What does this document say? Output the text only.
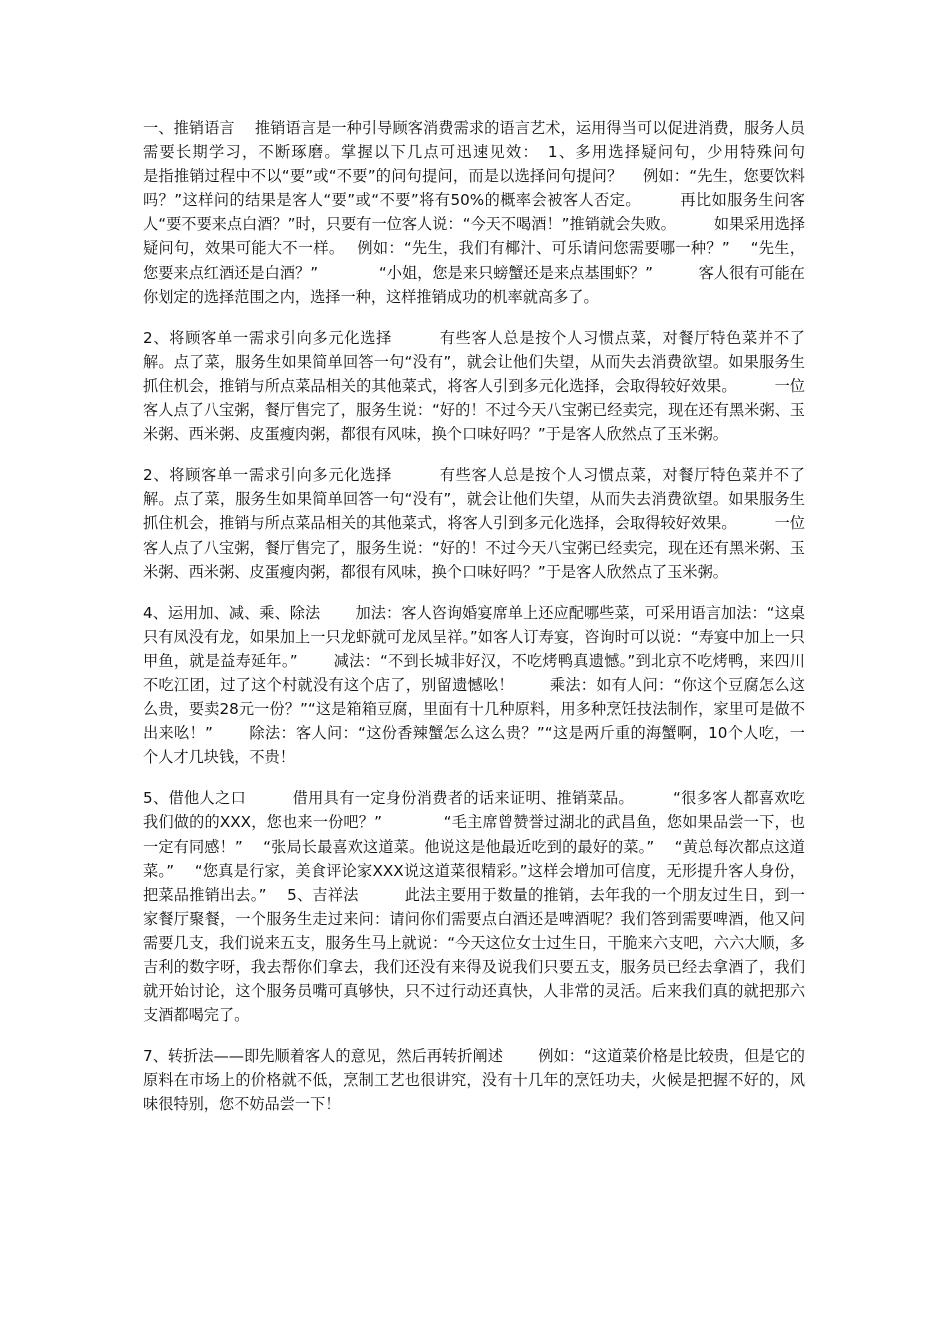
一、推销语言　 推销语言是一种引导顾客消费需求的语言艺术，运用得当可以促进消费，服务人员需要长期学习，不断琢磨。掌握以下几点可迅速见效：　1、多用选择疑问句，少用特殊问句　　　是指推销过程中不以“要”或“不要”的问句提问，而是以选择问句提问？　 例如：“先生，您要饮料吗？”这样问的结果是客人“要”或“不要”将有50%的概率会被客人否定。　　　再比如服务生问客人“要不要来点白酒？”时，只要有一位客人说：“今天不喝酒！”推销就会失败。　　　如果采用选择疑问句，效果可能大不一样。　 例如：“先生，我们有椰汁、可乐请问您需要哪一种？”　 “先生，您要来点红酒还是白酒？”　　　　“小姐，您是来只螃蟹还是来点基围虾？”　　　客人很有可能在你划定的选择范围之内，选择一种，这样推销成功的机率就高多了。

2、将顾客单一需求引向多元化选择　　　有些客人总是按个人习惯点菜，对餐厅特色菜并不了解。点了菜，服务生如果简单回答一句“没有”，就会让他们失望，从而失去消费欲望。如果服务生抓住机会，推销与所点菜品相关的其他菜式，将客人引到多元化选择，会取得较好效果。　　　一位客人点了八宝粥，餐厅售完了，服务生说：“好的！不过今天八宝粥已经卖完，现在还有黑米粥、玉米粥、西米粥、皮蛋瘦肉粥，都很有风味，换个口味好吗？”于是客人欣然点了玉米粥。

2、将顾客单一需求引向多元化选择　　　有些客人总是按个人习惯点菜，对餐厅特色菜并不了解。点了菜，服务生如果简单回答一句“没有”，就会让他们失望，从而失去消费欲望。如果服务生抓住机会，推销与所点菜品相关的其他菜式，将客人引到多元化选择，会取得较好效果。　　　一位客人点了八宝粥，餐厅售完了，服务生说：“好的！不过今天八宝粥已经卖完，现在还有黑米粥、玉米粥、西米粥、皮蛋瘦肉粥，都很有风味，换个口味好吗？”于是客人欣然点了玉米粥。

4、运用加、减、乘、除法　　 加法：客人咨询婚宴席单上还应配哪些菜，可采用语言加法：“这桌只有凤没有龙，如果加上一只龙虾就可龙凤呈祥。”如客人订寿宴，咨询时可以说：“寿宴中加上一只甲鱼，就是益寿延年。”　　 减法：“不到长城非好汉，不吃烤鸭真遗憾。”到北京不吃烤鸭，来四川不吃江团，过了这个村就没有这个店了，别留遗憾吆！　　 乘法：如有人问：“你这个豆腐怎么这么贵，要卖28元一份？”“这是箱箱豆腐，里面有十几种原料，用多种烹饪技法制作，家里可是做不出来吆！”　　 除法：客人问：“这份香辣蟹怎么这么贵？”“这是两斤重的海蟹啊，10个人吃，一个人才几块钱，不贵！

5、借他人之口　　　借用具有一定身份消费者的话来证明、推销菜品。　　　“很多客人都喜欢吃我们做的的XXX，您也来一份吧？”　　　　“毛主席曾赞誉过湖北的武昌鱼，您如果品尝一下，也一定有同感！”　 “张局长最喜欢这道菜。他说这是他最近吃到的最好的菜。”　 “黄总每次都点这道菜。”　 “您真是行家，美食评论家XXX说这道菜很精彩。”这样会增加可信度，无形提升客人身份，把菜品推销出去。”　 5、吉祥法　　　此法主要用于数量的推销，去年我的一个朋友过生日，到一家餐厅聚餐，一个服务生走过来问：请问你们需要点白酒还是啤酒呢？我们答到需要啤酒，他又问需要几支，我们说来五支，服务生马上就说：“今天这位女士过生日，干脆来六支吧，六六大顺，多吉利的数字呀，我去帮你们拿去，我们还没有来得及说我们只要五支，服务员已经去拿酒了，我们就开始讨论，这个服务员嘴可真够快，只不过行动还真快，人非常的灵活。后来我们真的就把那六支酒都喝完了。

7、转折法——即先顺着客人的意见，然后再转折阐述　　 例如：“这道菜价格是比较贵，但是它的原料在市场上的价格就不低，烹制工艺也很讲究，没有十几年的烹饪功夫，火候是把握不好的，风味很特别，您不妨品尝一下！
